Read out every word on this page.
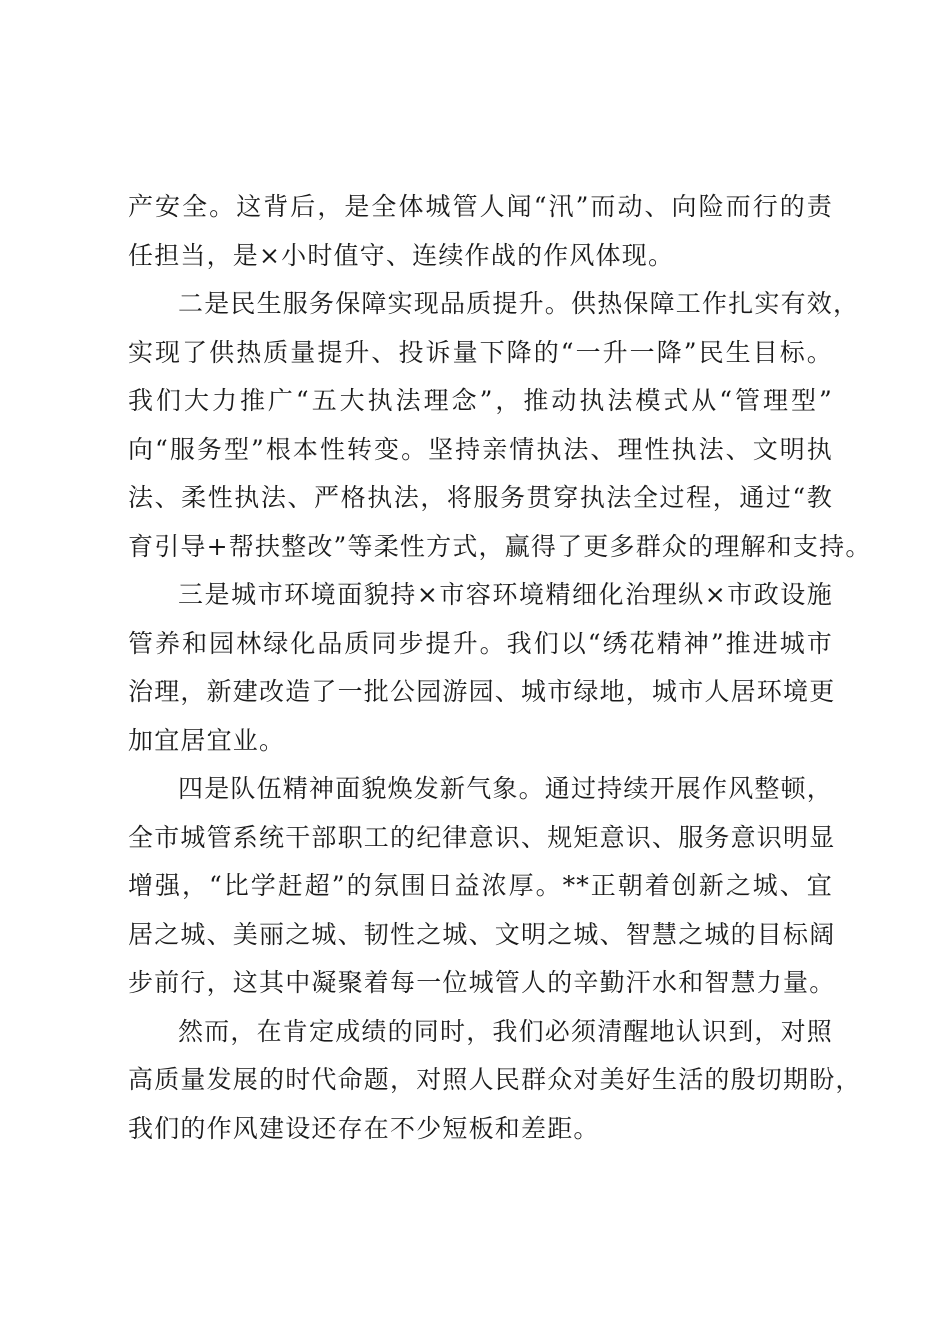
产安全。这背后，是全体城管人闻“汛”而动、向险而行的责
任担当，是×小时值守、连续作战的作风体现。
二是民生服务保障实现品质提升。供热保障工作扎实有效，
实现了供热质量提升、投诉量下降的“一升一降”民生目标。
我们大力推广“五大执法理念”，推动执法模式从“管理型”
向“服务型”根本性转变。坚持亲情执法、理性执法、文明执
法、柔性执法、严格执法，将服务贯穿执法全过程，通过“教
育引导+帮扶整改”等柔性方式，赢得了更多群众的理解和支持。
三是城市环境面貌持×市容环境精细化治理纵×市政设施
管养和园林绿化品质同步提升。我们以“绣花精神”推进城市
治理，新建改造了一批公园游园、城市绿地，城市人居环境更
加宜居宜业。
四是队伍精神面貌焕发新气象。通过持续开展作风整顿，
全市城管系统干部职工的纪律意识、规矩意识、服务意识明显
增强，“比学赶超”的氛围日益浓厚。**正朝着创新之城、宜
居之城、美丽之城、韧性之城、文明之城、智慧之城的目标阔
步前行，这其中凝聚着每一位城管人的辛勤汗水和智慧力量。
然而，在肯定成绩的同时，我们必须清醒地认识到，对照
高质量发展的时代命题，对照人民群众对美好生活的殷切期盼，
我们的作风建设还存在不少短板和差距。
